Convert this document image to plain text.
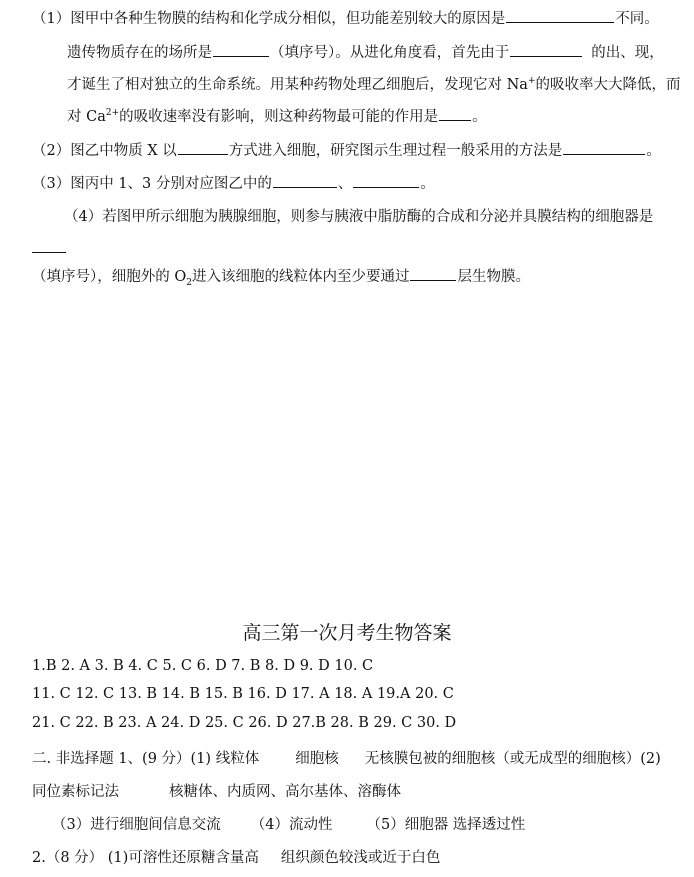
（1）图甲中各种生物膜的结构和化学成分相似，但功能差别较大的原因是	不同。
遗传物质存在的场所是	（填序号）。从进化角度看，首先由于	的出、现，
才诞生了相对独立的生命系统。用某种药物处理乙细胞后，发现它对 Na+的吸收率大大降低，而
对 $Ca^{2+}$的吸收速率没有影响，则这种药物最可能的作用是 。
（2）图乙中物质 X 以	方式进入细胞，研究图示生理过程一般采用的方法是	。
（3）图丙中 1、3 分别对应图乙中的	、	。
（4）若图甲所示细胞为胰腺细胞，则参与胰液中脂肪酶的合成和分泌并具膜结构的细胞器是
（填序号），细胞外的 $O_2$进入该细胞的线粒体内至少要通过	层生物膜。
高三第一次月考生物答案
1.B 2. A 3. B 4. C 5. C 6. D 7. B 8. D 9. D 10. C
11. C 12. C 13. B 14. B 15. B 16. D 17. A 18. A 19.A 20. C
21. C 22. B 23. A 24. D 25. C 26. D 27.B 28. B 29. C 30. D
二. 非选择题 1、(9 分）(1) 线粒体 细胞核 无核膜包被的细胞核（或无成型的细胞核）(2)
同位素标记法	核糖体、内质网、高尔基体、溶酶体
（3）进行细胞间信息交流 （4）流动性 （5）细胞器 选择透过性
2.（8 分） (1)可溶性还原糖含量高 组织颜色较浅或近于白色
